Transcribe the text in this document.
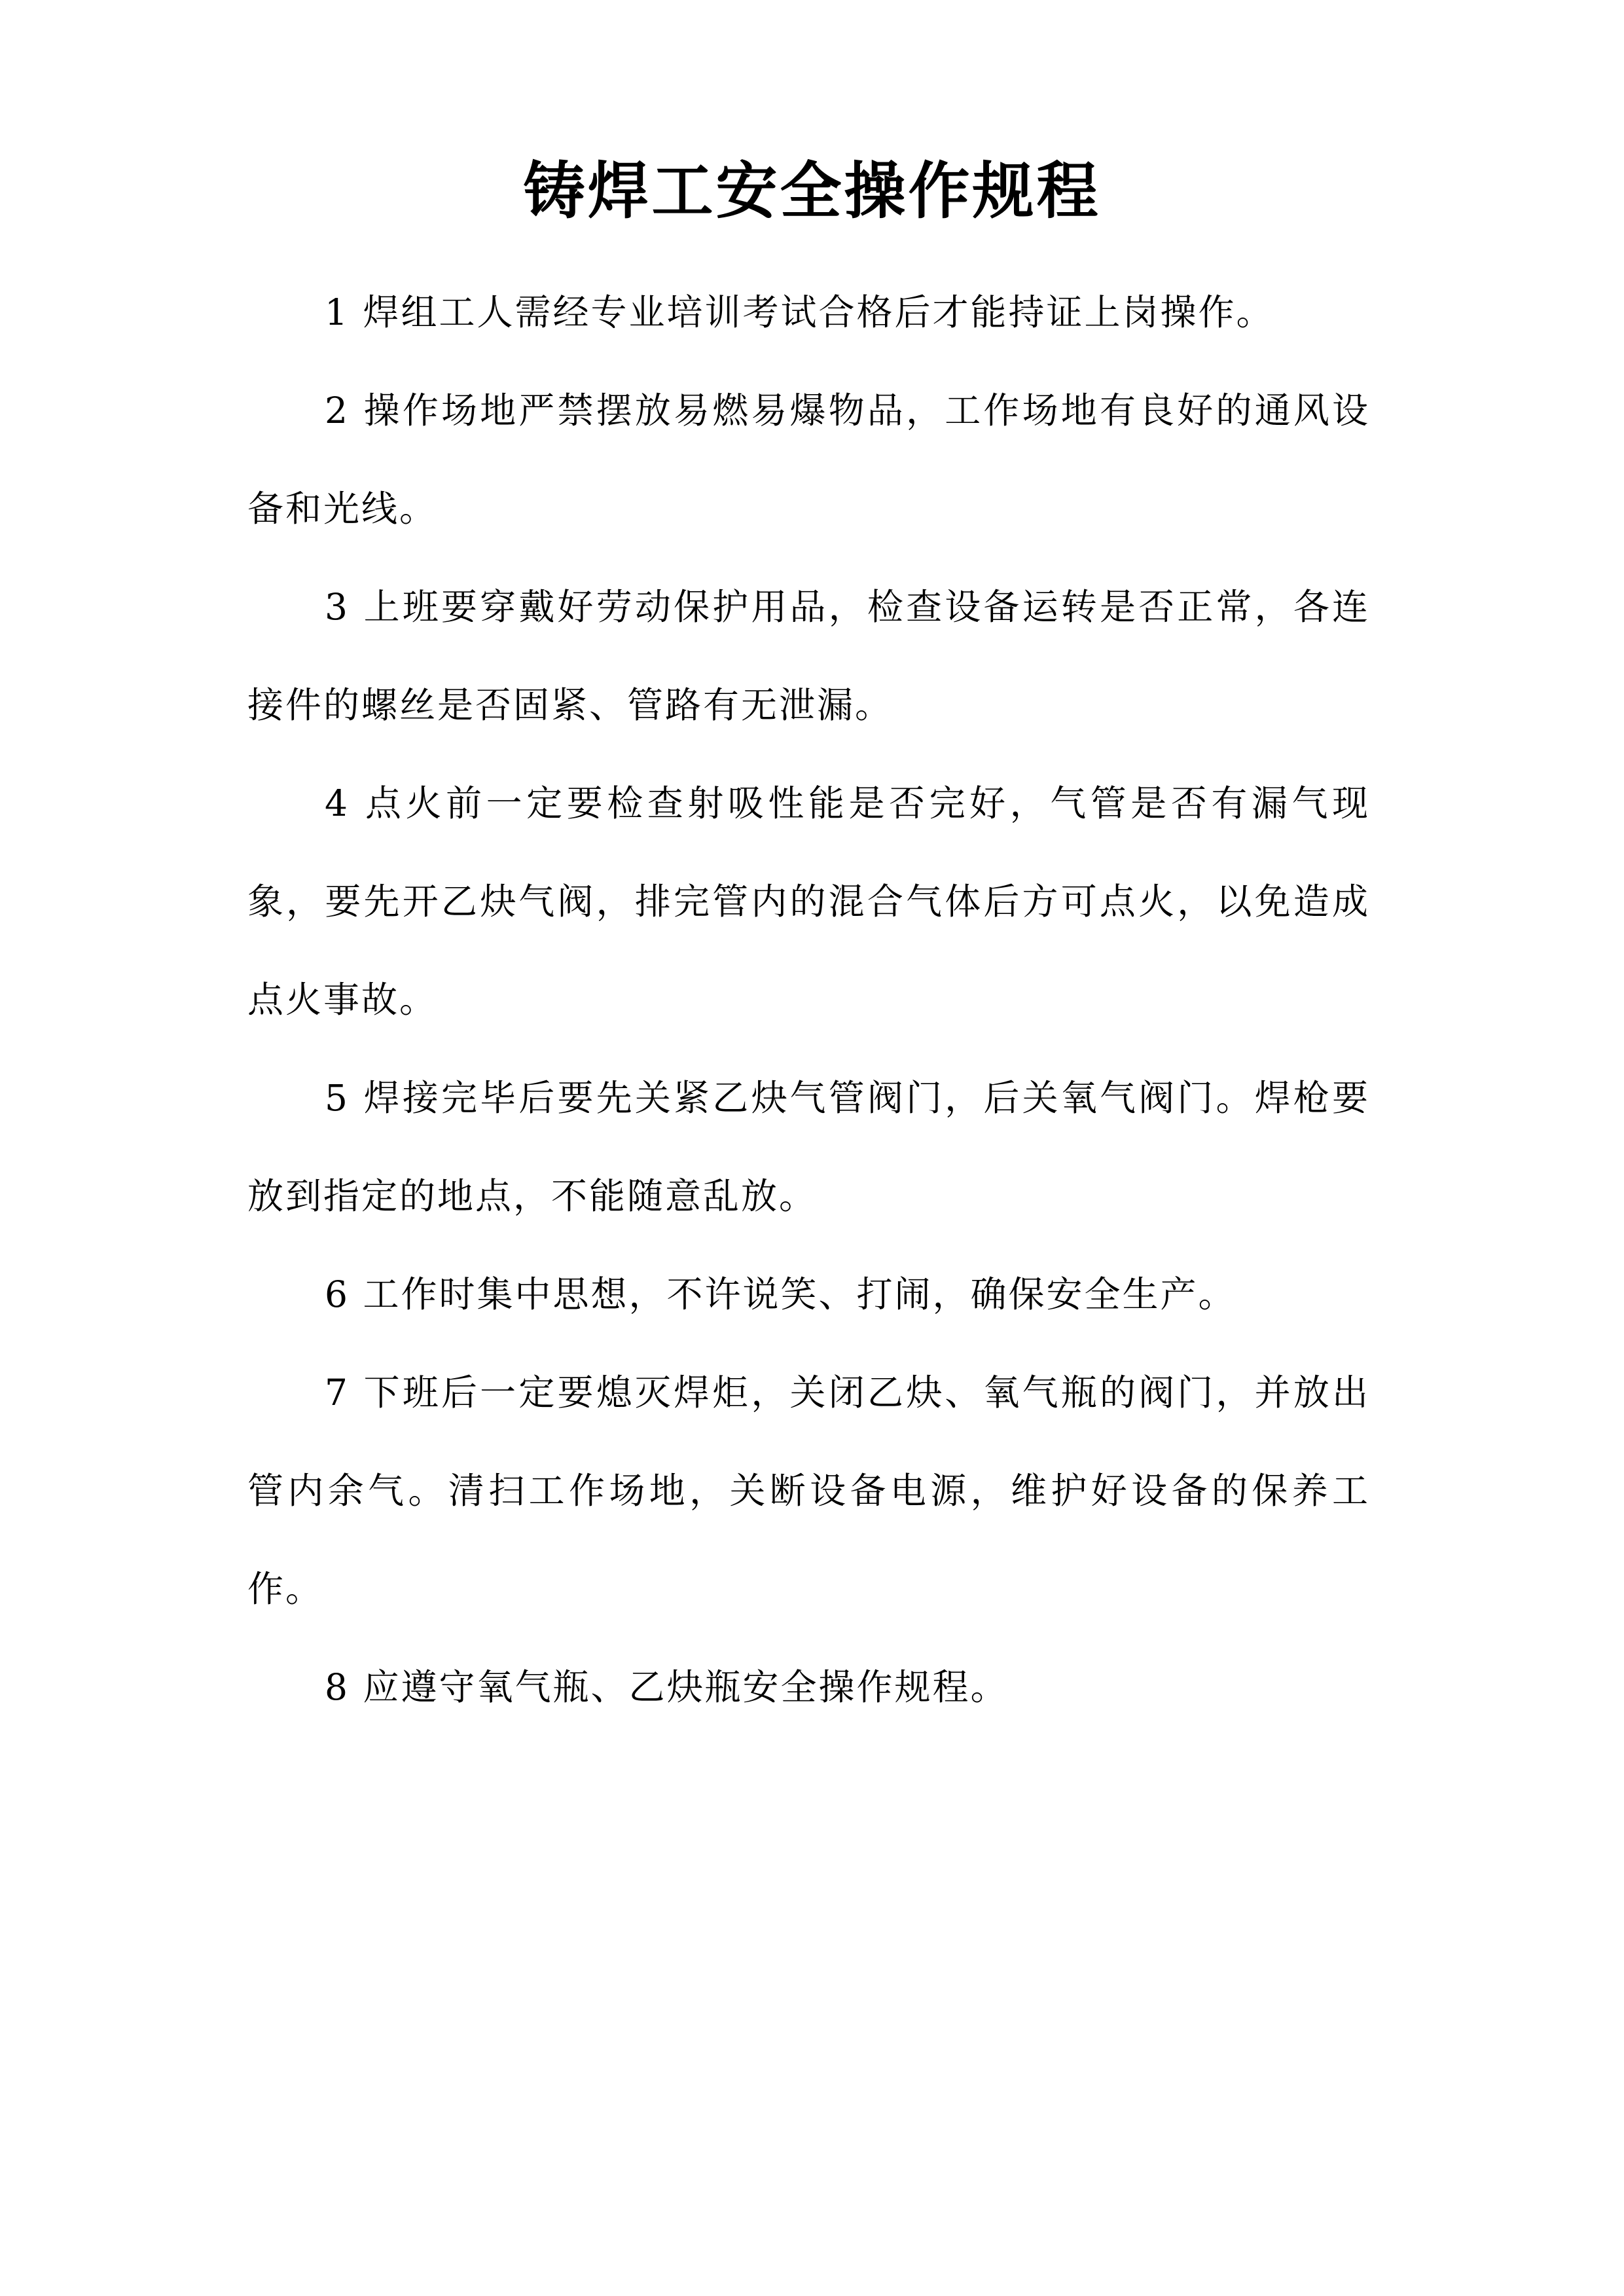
铸焊工安全操作规程

1 焊组工人需经专业培训考试合格后才能持证上岗操作。

2 操作场地严禁摆放易燃易爆物品，工作场地有良好的通风设备和光线。

3 上班要穿戴好劳动保护用品，检查设备运转是否正常，各连接件的螺丝是否固紧、管路有无泄漏。

4 点火前一定要检查射吸性能是否完好，气管是否有漏气现象，要先开乙炔气阀，排完管内的混合气体后方可点火，以免造成点火事故。

5 焊接完毕后要先关紧乙炔气管阀门，后关氧气阀门。焊枪要放到指定的地点，不能随意乱放。

6 工作时集中思想，不许说笑、打闹，确保安全生产。

7 下班后一定要熄灭焊炬，关闭乙炔、氧气瓶的阀门，并放出管内余气。清扫工作场地，关断设备电源，维护好设备的保养工作。

8 应遵守氧气瓶、乙炔瓶安全操作规程。
